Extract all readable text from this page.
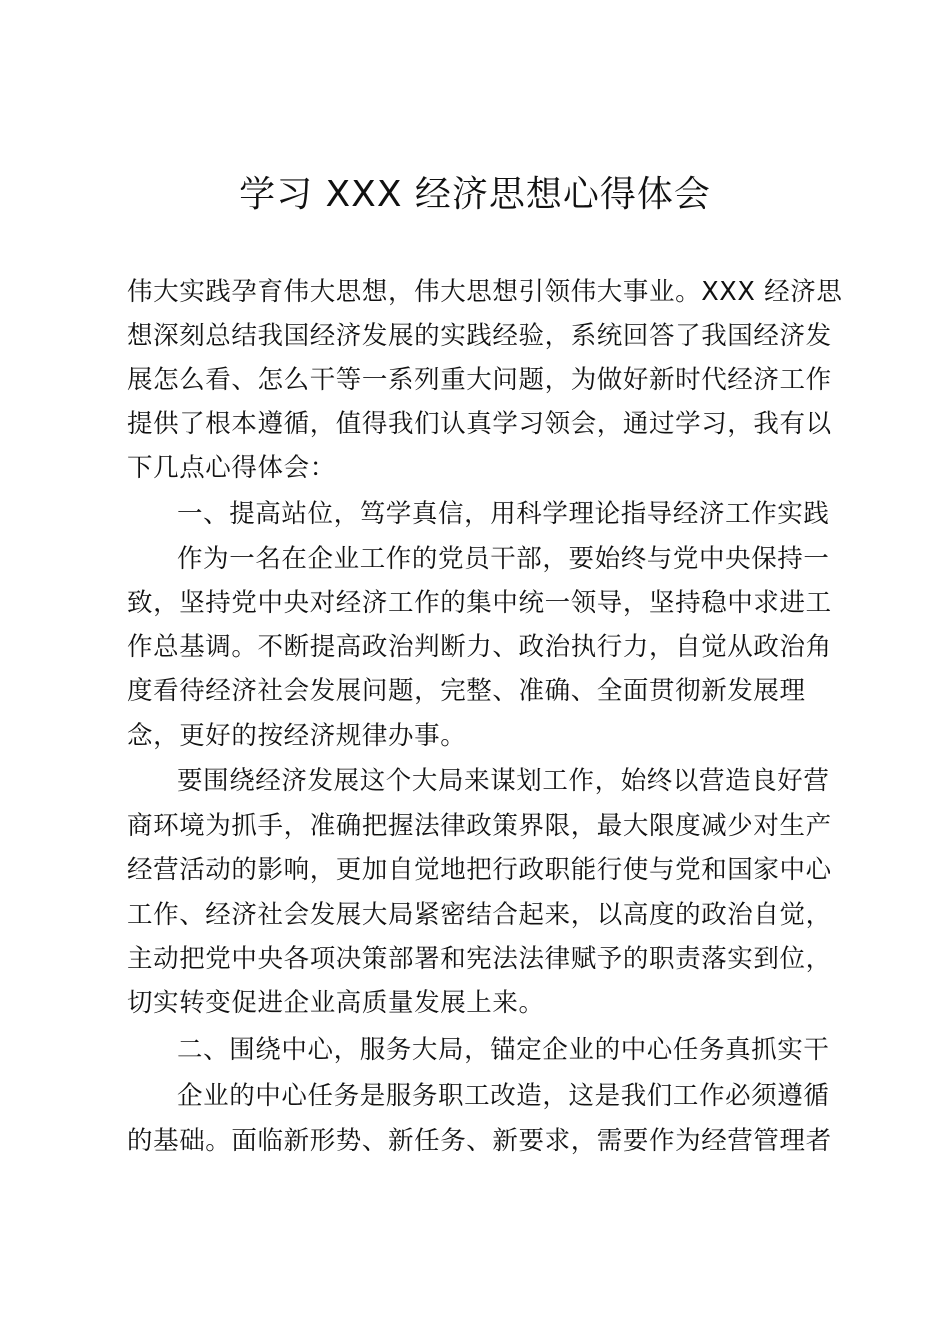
学习 XXX 经济思想心得体会

伟大实践孕育伟大思想，伟大思想引领伟大事业。XXX 经济思

想深刻总结我国经济发展的实践经验，系统回答了我国经济发

展怎么看、怎么干等一系列重大问题，为做好新时代经济工作

提供了根本遵循，值得我们认真学习领会，通过学习，我有以

下几点心得体会：

一、提高站位，笃学真信，用科学理论指导经济工作实践

作为一名在企业工作的党员干部，要始终与党中央保持一

致，坚持党中央对经济工作的集中统一领导，坚持稳中求进工

作总基调。不断提高政治判断力、政治执行力，自觉从政治角

度看待经济社会发展问题，完整、准确、全面贯彻新发展理

念，更好的按经济规律办事。

要围绕经济发展这个大局来谋划工作，始终以营造良好营

商环境为抓手，准确把握法律政策界限，最大限度减少对生产

经营活动的影响，更加自觉地把行政职能行使与党和国家中心

工作、经济社会发展大局紧密结合起来，以高度的政治自觉，

主动把党中央各项决策部署和宪法法律赋予的职责落实到位，

切实转变促进企业高质量发展上来。

二、围绕中心，服务大局，锚定企业的中心任务真抓实干

企业的中心任务是服务职工改造，这是我们工作必须遵循

的基础。面临新形势、新任务、新要求，需要作为经营管理者
